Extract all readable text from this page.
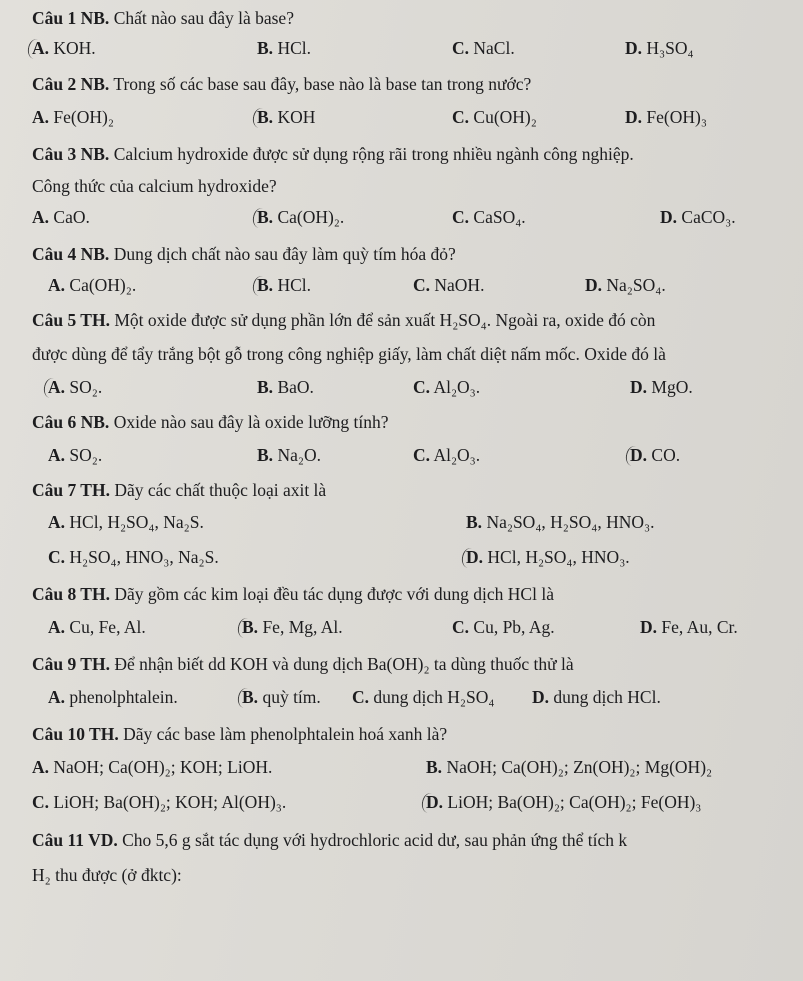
Câu 1 NB. Chất nào sau đây là base?
A. KOH.	B. HCl.	C. NaCl.	D. H₃SO₄
Câu 2 NB. Trong số các base sau đây, base nào là base tan trong nước?
A. Fe(OH)₂	B. KOH	C. Cu(OH)₂	D. Fe(OH)₃
Câu 3 NB. Calcium hydroxide được sử dụng rộng rãi trong nhiều ngành công nghiệp.
Công thức của calcium hydroxide?
A. CaO.	B. Ca(OH)₂.	C. CaSO₄.	D. CaCO₃.
Câu 4 NB. Dung dịch chất nào sau đây làm quỳ tím hóa đỏ?
A. Ca(OH)₂.	B. HCl.	C. NaOH.	D. Na₂SO₄.
Câu 5 TH. Một oxide được sử dụng phần lớn để sản xuất H₂SO₄. Ngoài ra, oxide đó còn
được dùng để tẩy trắng bột gỗ trong công nghiệp giấy, làm chất diệt nấm mốc. Oxide đó là
A. SO₂.	B. BaO.	C. Al₂O₃.	D. MgO.
Câu 6 NB. Oxide nào sau đây là oxide lưỡng tính?
A. SO₂.	B. Na₂O.	C. Al₂O₃.	D. CO.
Câu 7 TH. Dãy các chất thuộc loại axit là
A. HCl, H₂SO₄, Na₂S.	B. Na₂SO₄, H₂SO₄, HNO₃.
C. H₂SO₄, HNO₃, Na₂S.	D. HCl, H₂SO₄, HNO₃.
Câu 8 TH. Dãy gồm các kim loại đều tác dụng được với dung dịch HCl là
A. Cu, Fe, Al.	B. Fe, Mg, Al.	C. Cu, Pb, Ag.	D. Fe, Au, Cr.
Câu 9 TH. Để nhận biết dd KOH và dung dịch Ba(OH)₂ ta dùng thuốc thử là
A. phenolphtalein.	B. quỳ tím. C. dung dịch H₂SO₄ D. dung dịch HCl.
Câu 10 TH. Dãy các base làm phenolphtalein hoá xanh là?
A. NaOH; Ca(OH)₂; KOH; LiOH.	B. NaOH; Ca(OH)₂; Zn(OH)₂; Mg(OH)₂
C. LiOH; Ba(OH)₂; KOH; Al(OH)₃.	D. LiOH; Ba(OH)₂; Ca(OH)₂; Fe(OH)₃
Câu 11 VD. Cho 5,6 g sắt tác dụng với hydrochloric acid dư, sau phản ứng thể tích k
H₂ thu được (ở đktc):
